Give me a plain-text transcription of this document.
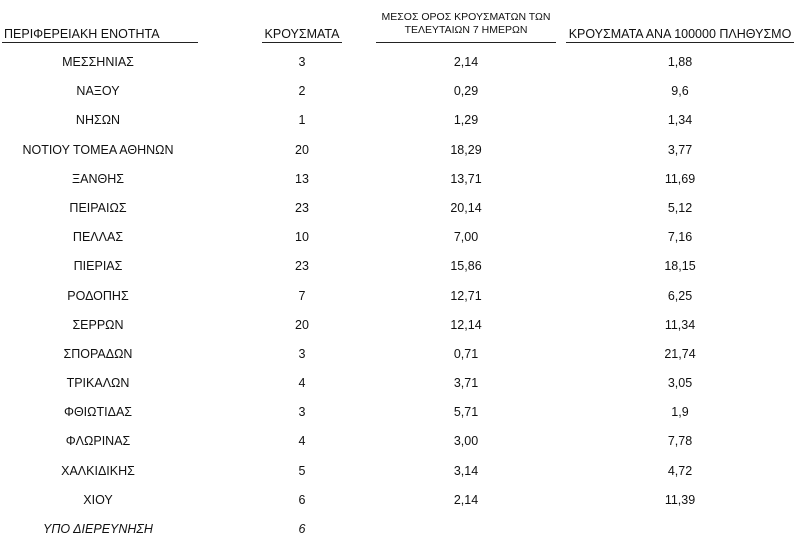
ΠΕΡΙΦΕΡΕΙΑΚΗ ΕΝΟΤΗΤΑ	ΚΡΟΥΣΜΑΤΑ
ΜΕΣΟΣ ΟΡΟΣ ΚΡΟΥΣΜΑΤΩΝ ΤΩΝ
ΤΕΛΕΥΤΑΙΩΝ 7 ΗΜΕΡΩΝ	ΚΡΟΥΣΜΑΤΑ ΑΝΑ 100000 ΠΛΗΘΥΣΜΟ
ΜΕΣΣΗΝΙΑΣ	3	2,14	1,88
ΝΑΞΟΥ	2	0,29	9,6
ΝΗΣΩΝ	1	1,29	1,34
ΝΟΤΙΟΥ ΤΟΜΕΑ ΑΘΗΝΩΝ	20	18,29	3,77
ΞΑΝΘΗΣ	13	13,71	11,69
ΠΕΙΡΑΙΩΣ	23	20,14	5,12
ΠΕΛΛΑΣ	10	7,00	7,16
ΠΙΕΡΙΑΣ	23	15,86	18,15
ΡΟΔΟΠΗΣ	7	12,71	6,25
ΣΕΡΡΩΝ	20	12,14	11,34
ΣΠΟΡΑΔΩΝ	3	0,71	21,74
ΤΡΙΚΑΛΩΝ	4	3,71	3,05
ΦΘΙΩΤΙΔΑΣ	3	5,71	1,9
ΦΛΩΡΙΝΑΣ	4	3,00	7,78
ΧΑΛΚΙΔΙΚΗΣ	5	3,14	4,72
ΧΙΟΥ	6	2,14	11,39
ΥΠΟ ΔΙΕΡΕΥΝΗΣΗ	6
